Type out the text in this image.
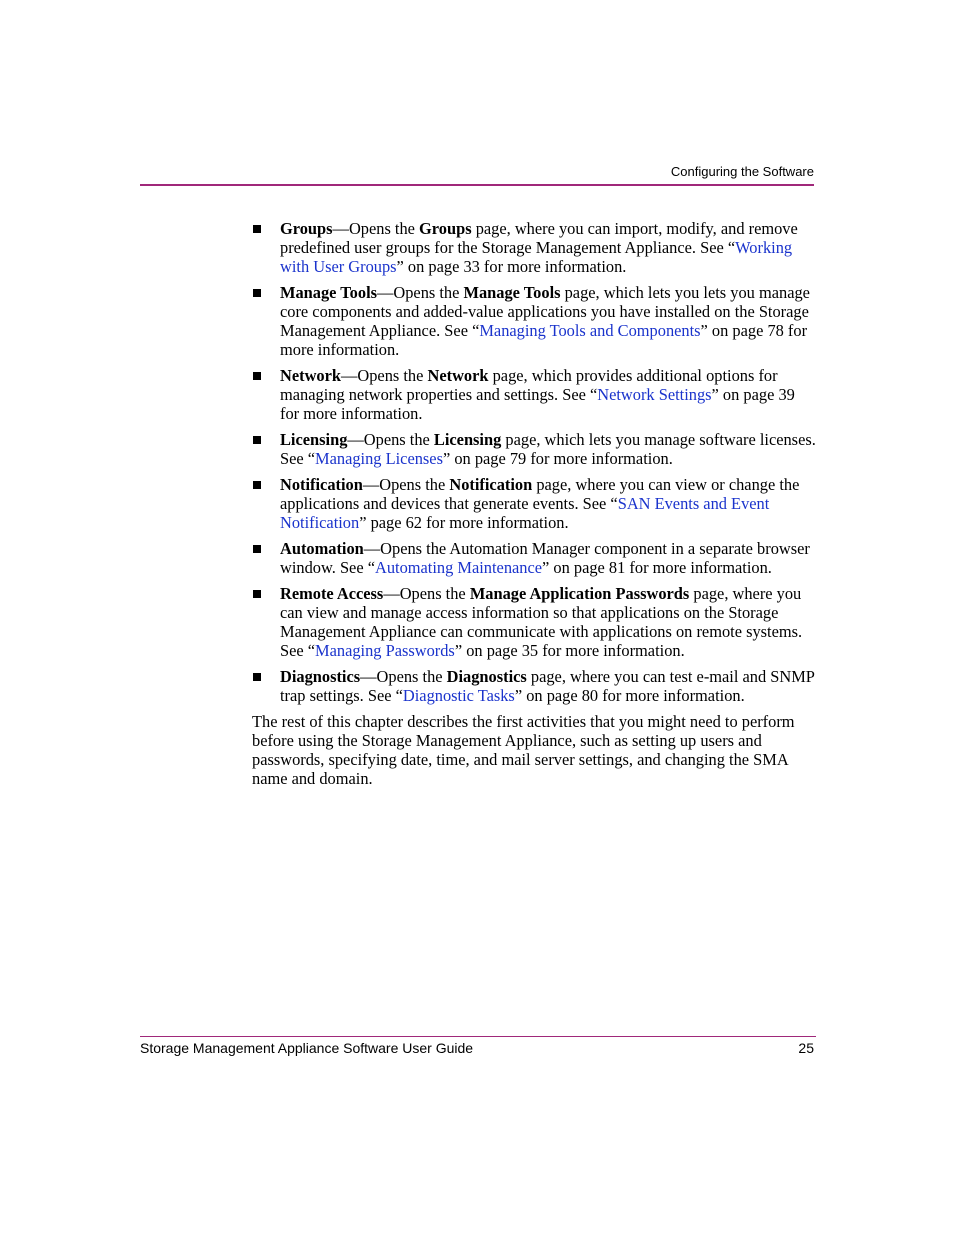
Configuring the Software
Groups—Opens the Groups page, where you can import, modify, and remove predefined user groups for the Storage Management Appliance. See “Working with User Groups” on page 33 for more information.
Manage Tools—Opens the Manage Tools page, which lets you lets you manage core components and added-value applications you have installed on the Storage Management Appliance. See “Managing Tools and Components” on page 78 for more information.
Network—Opens the Network page, which provides additional options for managing network properties and settings. See “Network Settings” on page 39 for more information.
Licensing—Opens the Licensing page, which lets you manage software licenses. See “Managing Licenses” on page 79 for more information.
Notification—Opens the Notification page, where you can view or change the applications and devices that generate events. See “SAN Events and Event Notification” page 62 for more information.
Automation—Opens the Automation Manager component in a separate browser window. See “Automating Maintenance” on page 81 for more information.
Remote Access—Opens the Manage Application Passwords page, where you can view and manage access information so that applications on the Storage Management Appliance can communicate with applications on remote systems. See “Managing Passwords” on page 35 for more information.
Diagnostics—Opens the Diagnostics page, where you can test e-mail and SNMP trap settings. See “Diagnostic Tasks” on page 80 for more information.

The rest of this chapter describes the first activities that you might need to perform before using the Storage Management Appliance, such as setting up users and passwords, specifying date, time, and mail server settings, and changing the SMA name and domain.

Storage Management Appliance Software User Guide	25
